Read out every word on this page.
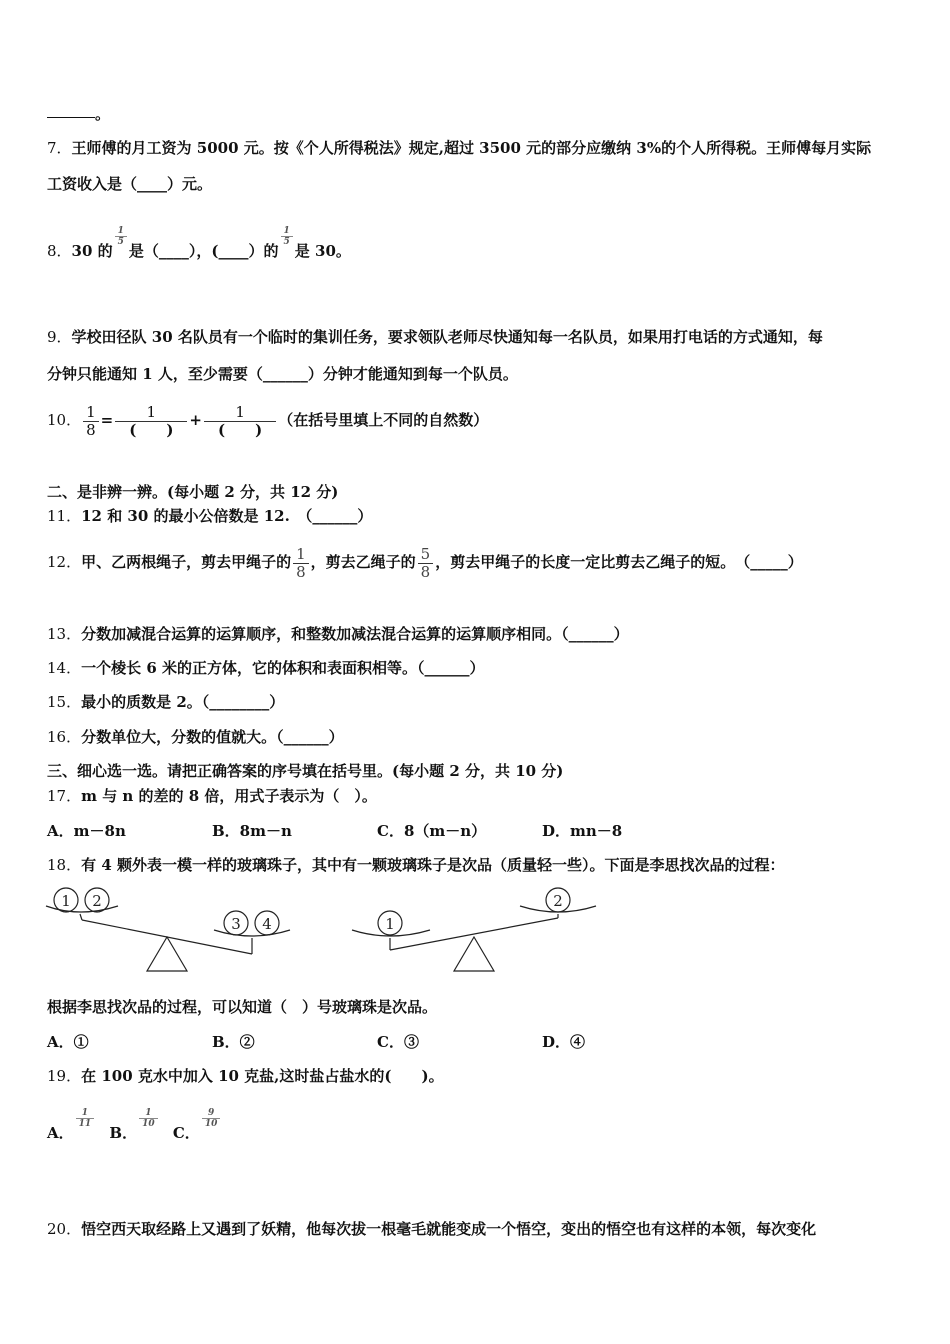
。
7．王师傅的月工资为 5000 元。按《个人所得税法》规定,超过 3500 元的部分应缴纳 3%的个人所得税。王师傅每月实际
工资收入是（____）元。
8．30 的
$\frac{1}{5}$
是（____），(____）的
$\frac{1}{5}$
是 30。
9．学校田径队 30 名队员有一个临时的集训任务，要求领队老师尽快通知每一名队员，如果用打电话的方式通知，每
分钟只能通知 1 人，至少需要（______）分钟才能通知到每一个队员。
10． $\frac{1}{8} = \frac{1}{( )} + \frac{1}{( )}$ （在括号里填上不同的自然数）
二、是非辨一辨。(每小题 2 分，共 12 分)
11．12 和 30 的最小公倍数是 12.　（______）
12．甲、乙两根绳子，剪去甲绳子的 $\frac{1}{8}$ ，剪去乙绳子的 $\frac{5}{8}$ ，剪去甲绳子的长度一定比剪去乙绳子的短。　（_____）
13．分数加减混合运算的运算顺序，和整数加减法混合运算的运算顺序相同。（______）
14．一个棱长 6 米的正方体，它的体积和表面积相等。（______）
15．最小的质数是 2。（________）
16．分数单位大，分数的值就大。（______）
三、细心选一选。请把正确答案的序号填在括号里。(每小题 2 分，共 10 分)
17．m 与 n 的差的 8 倍，用式子表示为（　）。
A．m－8n	B．8m－n	C．8（m－n）	D．mn－8
18．有 4 颗外表一模一样的玻璃珠子，其中有一颗玻璃珠子是次品（质量轻一些）。下面是李思找次品的过程：
1 2
3 4	1
2
根据李思找次品的过程，可以知道（　）号玻璃珠是次品。
A．①	B．②	C．③	D．④
19．在 100 克水中加入 10 克盐,这时盐占盐水的(　　)。
A．
$\frac{1}{11}$
B．
$\frac{1}{10}$
C．
$\frac{9}{10}$
20．悟空西天取经路上又遇到了妖精，他每次拔一根毫毛就能变成一个悟空，变出的悟空也有这样的本领，每次变化
